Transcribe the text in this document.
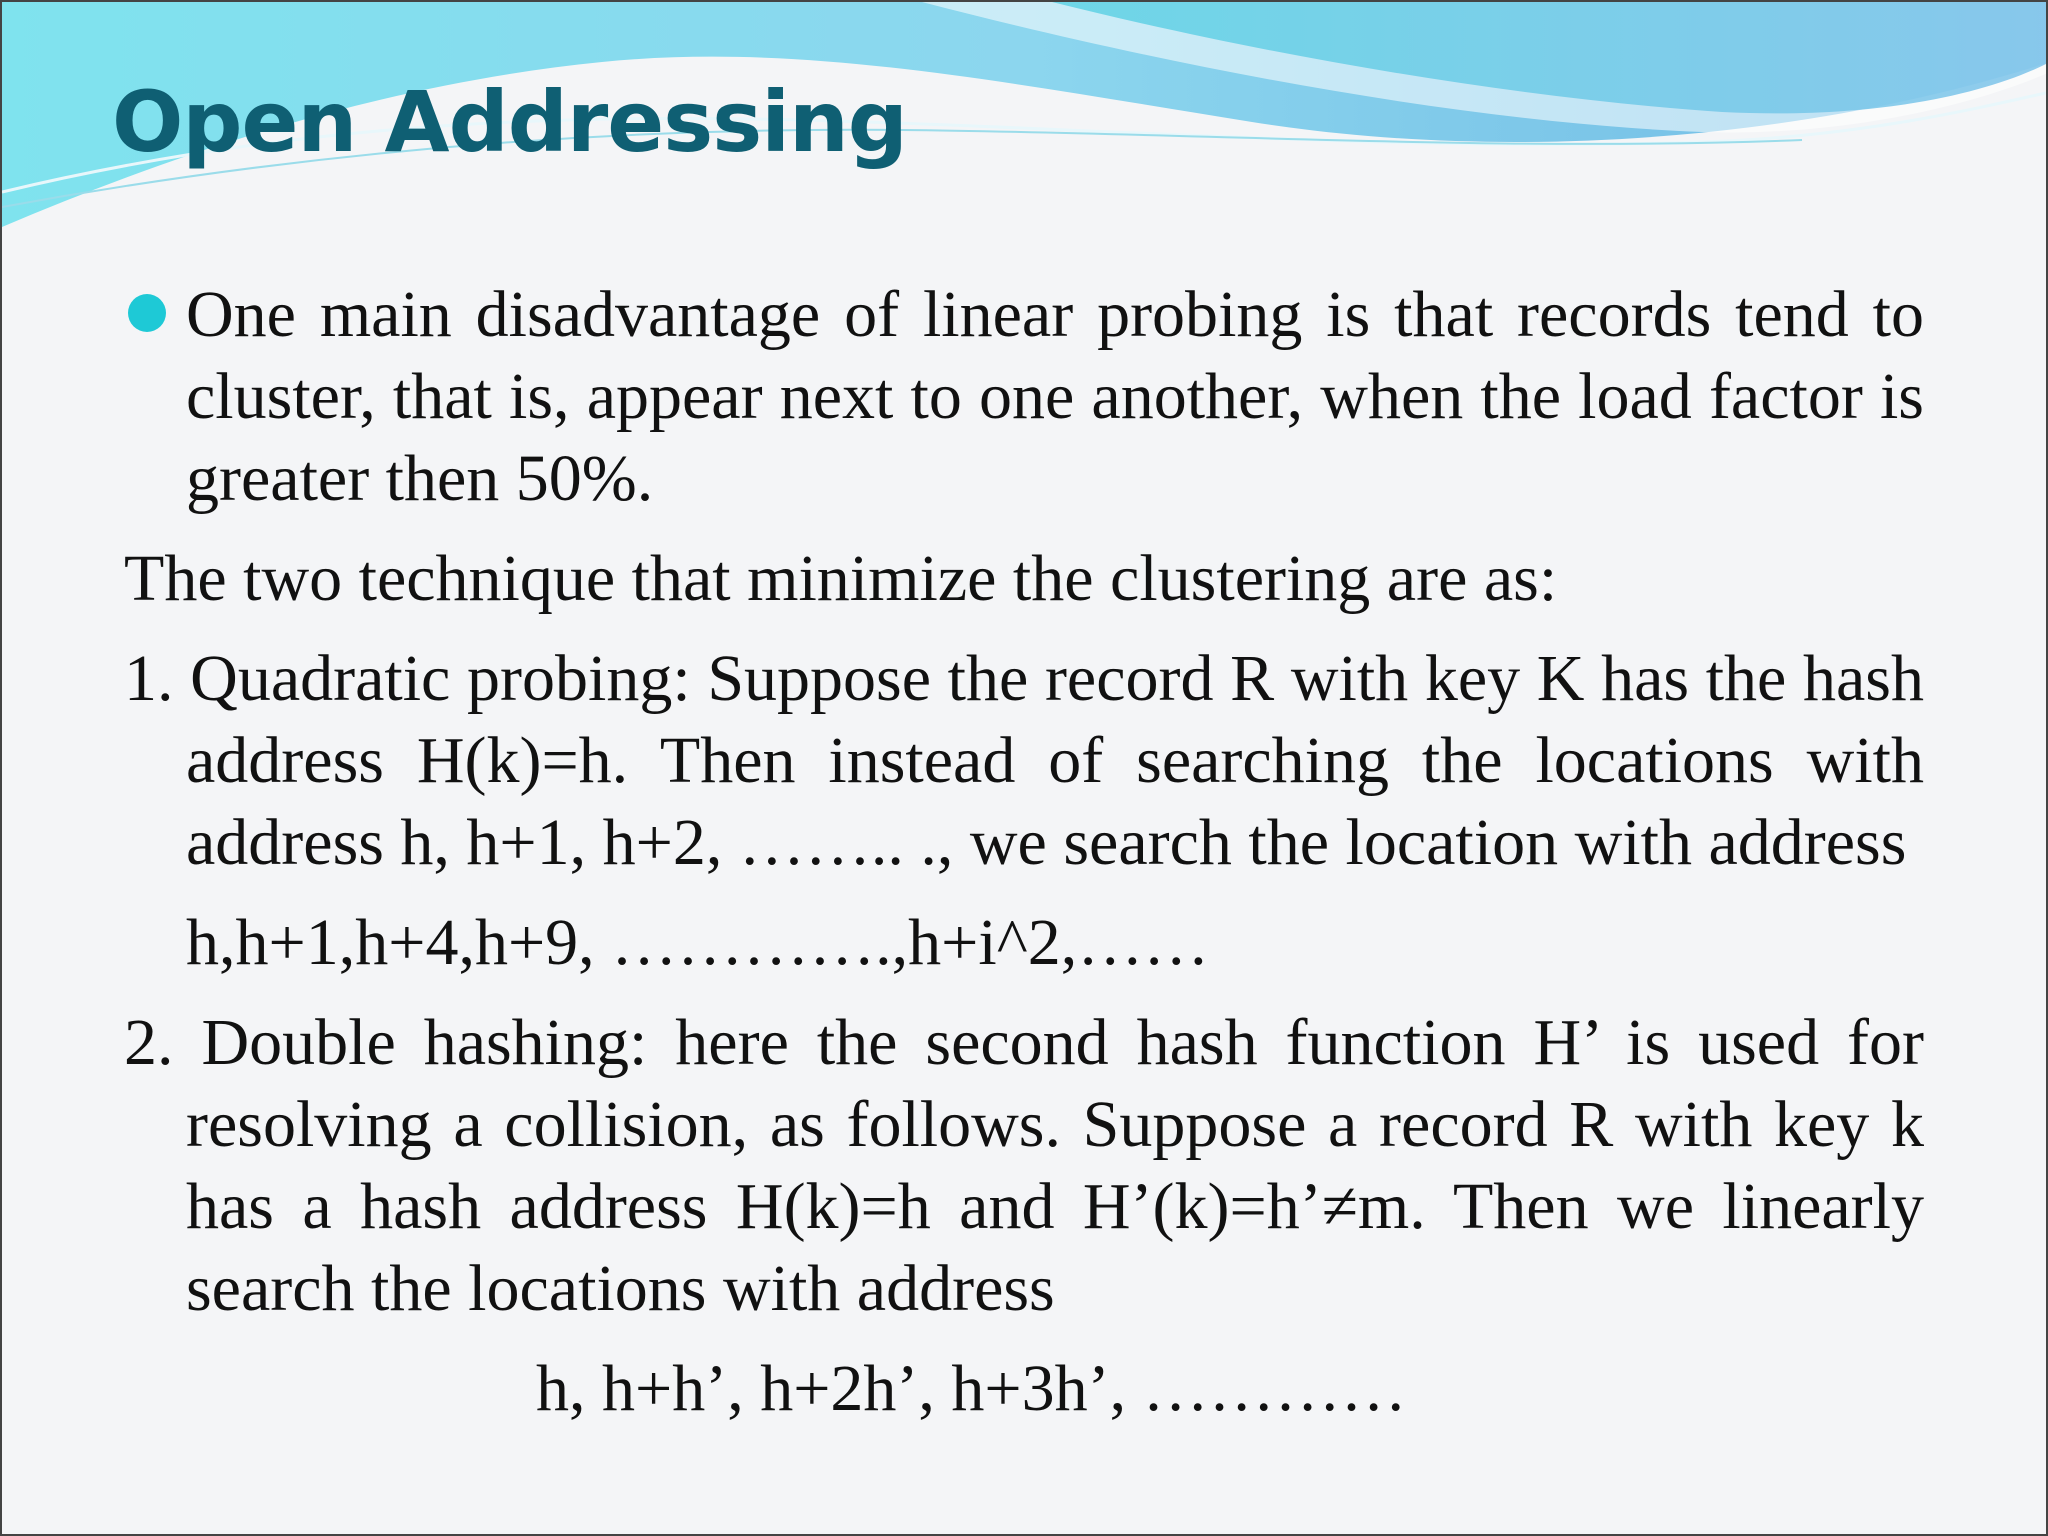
Open Addressing
One main disadvantage of linear probing is that records tend to cluster, that is, appear next to one another, when the load factor is greater then 50%.
The two technique that minimize the clustering are as:
1. Quadratic probing: Suppose the record R with key K has the hash address H(k)=h. Then instead of searching the locations with address h, h+1, h+2, …….. ., we search the location with address
h,h+1,h+4,h+9, ………….,h+i^2,……
2. Double hashing: here the second hash function H’ is used for resolving a collision, as follows. Suppose a record R with key k has a hash address H(k)=h and H’(k)=h’≠m. Then we linearly search the locations with address
h, h+h’, h+2h’, h+3h’, …………
